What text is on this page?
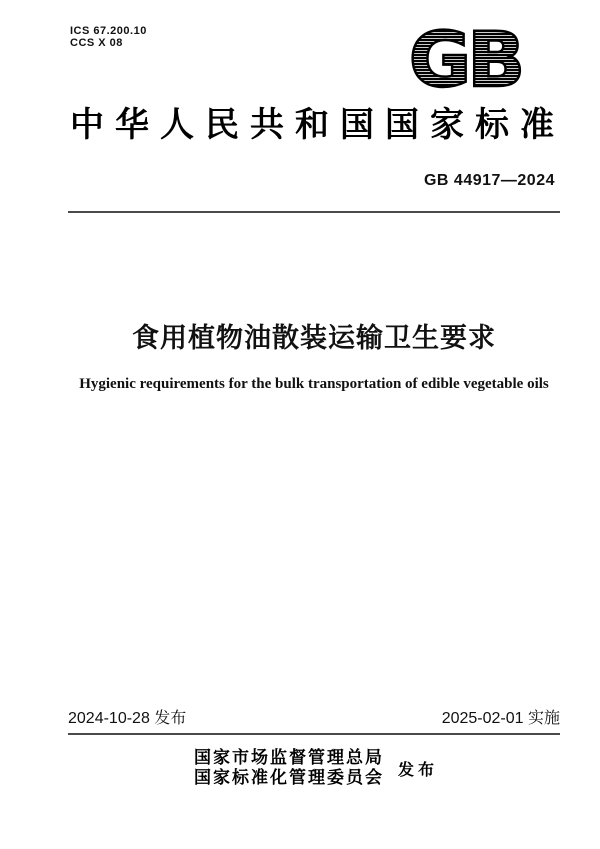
ICS 67.200.10
CCS X 08	GB
中华人民共和国国家标准
GB 44917—2024
食用植物油散装运输卫生要求
Hygienic requirements for the bulk transportation of edible vegetable oils
2024-10-28 发布	2025-02-01 实施
国家市场监督管理总局
国家标准化管理委员会 发 布
